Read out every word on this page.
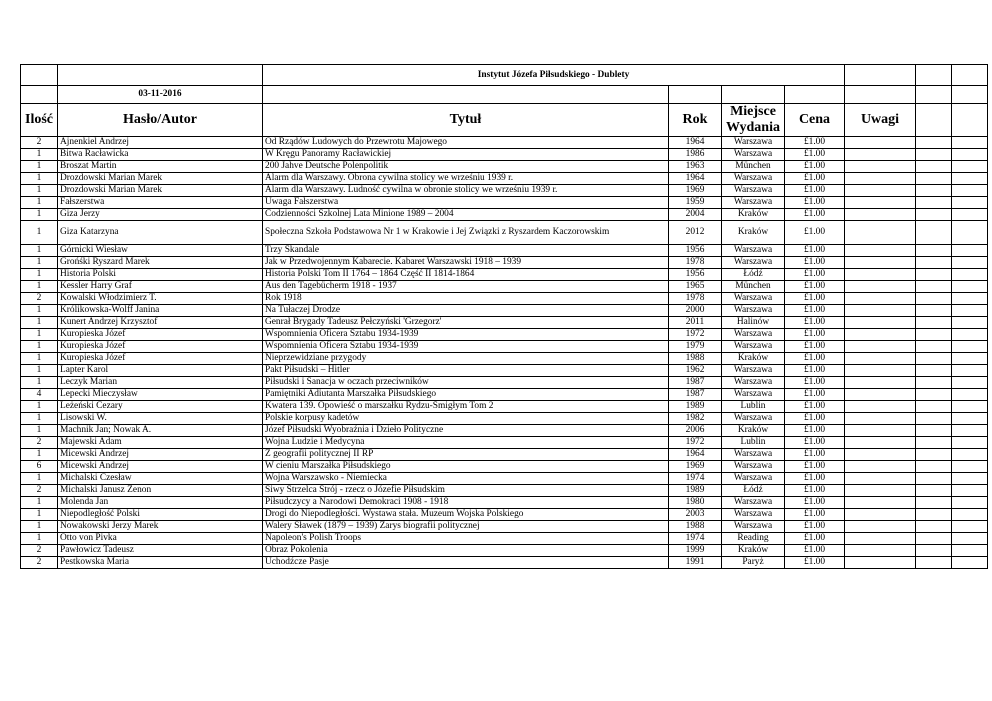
		Instytut Józefa Piłsudskiego - Dublety						
	03-11-2016							
Ilość	Hasło/Autor	Tytuł	Rok	Miejsce Wydania	Cena	Uwagi		
2	Ajnenkiel Andrzej	Od Rządów Ludowych do Przewrotu Majowego	1964	Warszawa	£1.00			
1	Bitwa Racławicka	W Kręgu Panoramy Racławickiej	1986	Warszawa	£1.00			
1	Broszat Martin	200 Jahve Deutsche Polenpolitik	1963	München	£1.00			
1	Drozdowski Marian Marek	Alarm dla Warszawy. Obrona cywilna stolicy we wrześniu 1939 r.	1964	Warszawa	£1.00			
1	Drozdowski Marian Marek	Alarm dla Warszawy. Ludność cywilna w obronie stolicy we wrześniu 1939 r.	1969	Warszawa	£1.00			
1	Fałszerstwa	Uwaga Fałszerstwa	1959	Warszawa	£1.00			
1	Giza Jerzy	Codzienności Szkolnej Lata Minione 1989 – 2004	2004	Kraków	£1.00			
1	Giza Katarzyna	Społeczna Szkoła Podstawowa Nr 1 w Krakowie i Jej Związki z Ryszardem Kaczorowskim	2012	Kraków	£1.00			
1	Górnicki Wiesław	Trzy Skandale	1956	Warszawa	£1.00			
1	Grońśki Ryszard Marek	Jak w Przedwojennym Kabarecie. Kabaret Warszawski 1918 – 1939	1978	Warszawa	£1.00			
1	Historia Polski	Historia Polski Tom II 1764 – 1864 Część II 1814-1864	1956	Łódź	£1.00			
1	Kessler Harry Graf	Aus den Tagebücherm 1918 - 1937	1965	München	£1.00			
2	Kowalski Włodzimierz T.	Rok 1918	1978	Warszawa	£1.00			
1	Królikowska-Wolff Janina	Na Tułaczej Drodze	2000	Warszawa	£1.00			
1	Kunert Andrzej Krzysztof	Genrał Brygady Tadeusz Pełczyński 'Grzegorz'	2011	Halinów	£1.00			
1	Kuropieska Józef	Wspomnienia Oficera Sztabu 1934-1939	1972	Warszawa	£1.00			
1	Kuropieska Józef	Wspomnienia Oficera Sztabu 1934-1939	1979	Warszawa	£1.00			
1	Kuropieska Józef	Nieprzewidziane przygody	1988	Kraków	£1.00			
1	Lapter Karol	Pakt Piłsudski – Hitler	1962	Warszawa	£1.00			
1	Leczyk Marian	Piłsudski i Sanacja w oczach przeciwników	1987	Warszawa	£1.00			
4	Lepecki Mieczysław	Pamiętniki Adiutanta Marszałka Piłsudskiego	1987	Warszawa	£1.00			
1	Leżeński Cezary	Kwatera 139. Opowieść o marszałku Rydzu-Śmigłym Tom 2	1989	Lublin	£1.00			
1	Lisowski W.	Polskie korpusy kadetów	1982	Warszawa	£1.00			
1	Machnik Jan; Nowak A.	Józef Piłsudski Wyobraźnia i Dzieło Polityczne	2006	Kraków	£1.00			
2	Majewski Adam	Wojna Ludzie i Medycyna	1972	Lublin	£1.00			
1	Micewski Andrzej	Z geografii politycznej II RP	1964	Warszawa	£1.00			
6	Micewski Andrzej	W cieniu Marszałka Piłsudskiego	1969	Warszawa	£1.00			
1	Michalski Czesław	Wojna Warszawsko - Niemiecka	1974	Warszawa	£1.00			
2	Michalski Janusz Zenon	Siwy Strzelca Strój - rzecz o Józefie Piłsudskim	1989	Łódź	£1.00			
1	Molenda Jan	Piłsudczycy a Narodowi Demokraci 1908 - 1918	1980	Warszawa	£1.00			
1	Niepodległość Polski	Drogi do Niepodległości. Wystawa stała. Muzeum Wojska Polskiego	2003	Warszawa	£1.00			
1	Nowakowski Jerzy Marek	Walery Sławek (1879 – 1939) Zarys biografii politycznej	1988	Warszawa	£1.00			
1	Otto von Pivka	Napoleon's Polish Troops	1974	Reading	£1.00			
2	Pawłowicz Tadeusz	Obraz Pokolenia	1999	Kraków	£1.00			
2	Pestkowska Maria	Uchodźcze Pasje	1991	Paryż	£1.00			
